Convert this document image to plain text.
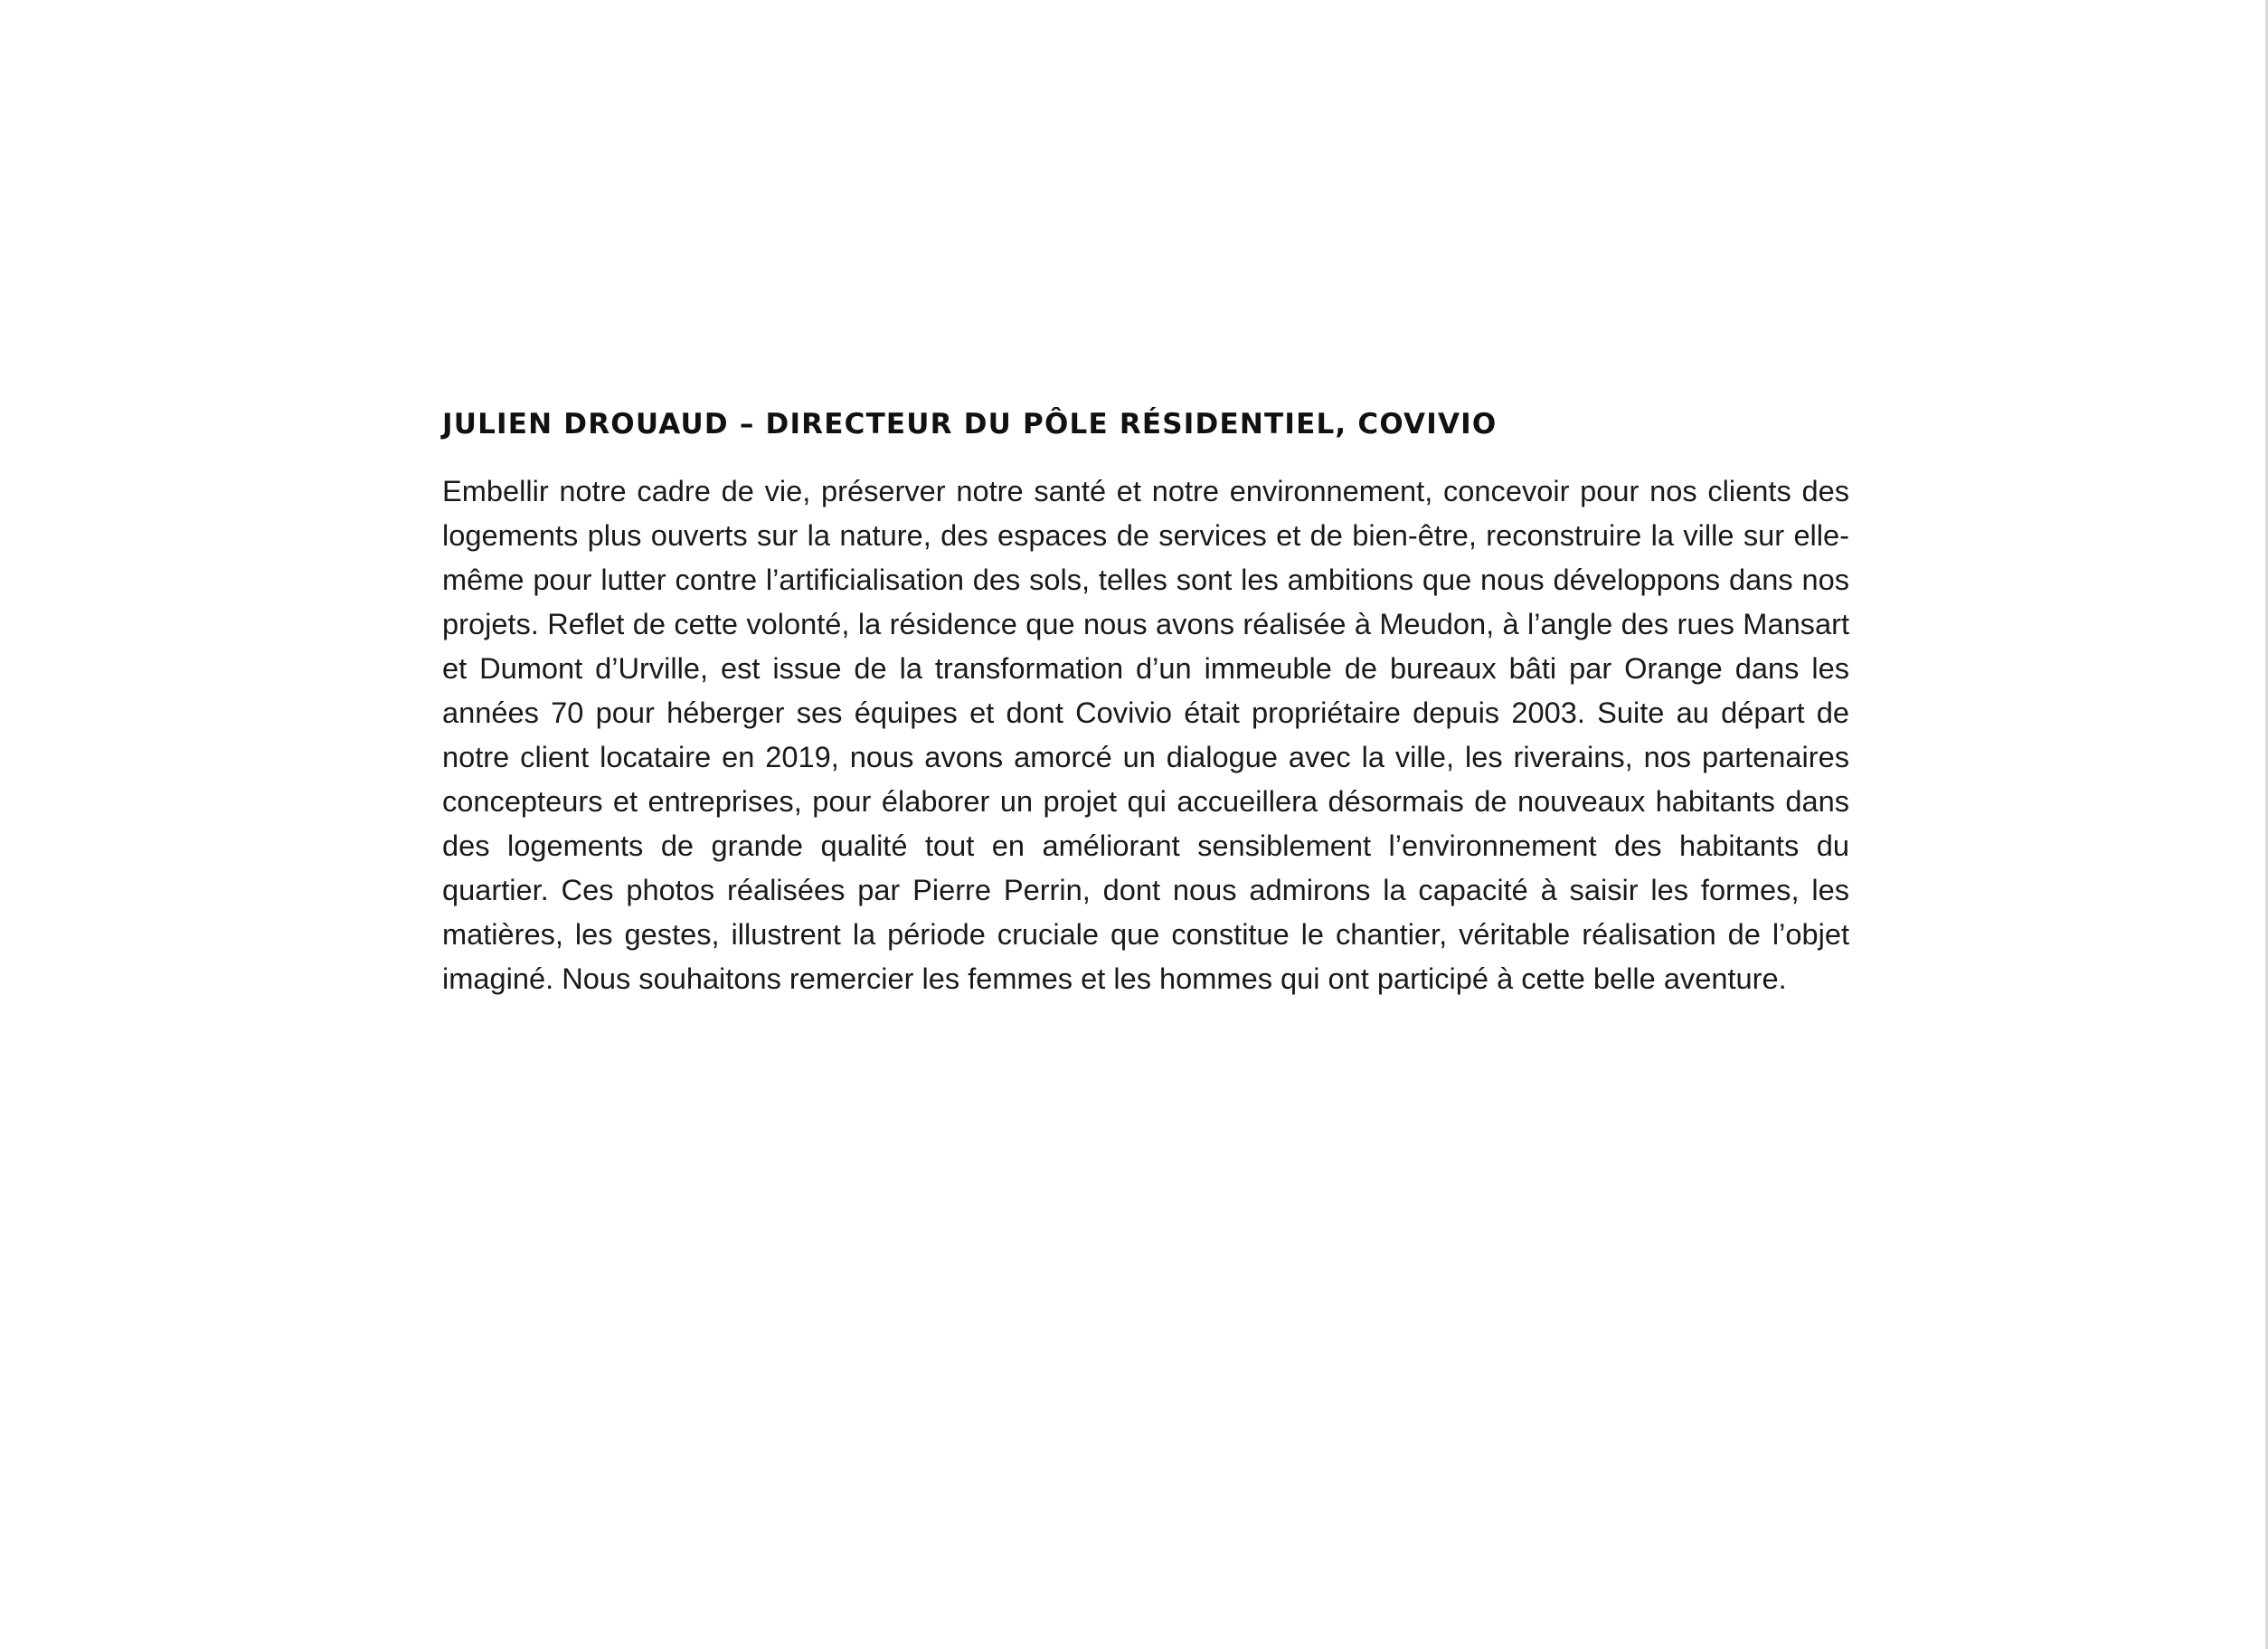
JULIEN DROUAUD – DIRECTEUR DU PÔLE RÉSIDENTIEL, COVIVIO

Embellir notre cadre de vie, préserver notre santé et notre environnement, concevoir pour nos clients des logements plus ouverts sur la nature, des espaces de services et de bien-être, reconstruire la ville sur elle-même pour lutter contre l’artificialisation des sols, telles sont les ambitions que nous développons dans nos projets. Reflet de cette volonté, la résidence que nous avons réalisée à Meudon, à l’angle des rues Mansart et Dumont d’Urville, est issue de la transformation d’un immeuble de bureaux bâti par Orange dans les années 70 pour héberger ses équipes et dont Covivio était propriétaire depuis 2003. Suite au départ de notre client locataire en 2019, nous avons amorcé un dialogue avec la ville, les riverains, nos partenaires concepteurs et entreprises, pour élaborer un projet qui accueillera désormais de nouveaux habitants dans des logements de grande qualité tout en améliorant sensiblement l’environnement des habitants du quartier. Ces photos réalisées par Pierre Perrin, dont nous admirons la capacité à saisir les formes, les matières, les gestes, illustrent la période cruciale que constitue le chantier, véritable réalisation de l’objet imaginé. Nous souhaitons remercier les femmes et les hommes qui ont participé à cette belle aventure.
